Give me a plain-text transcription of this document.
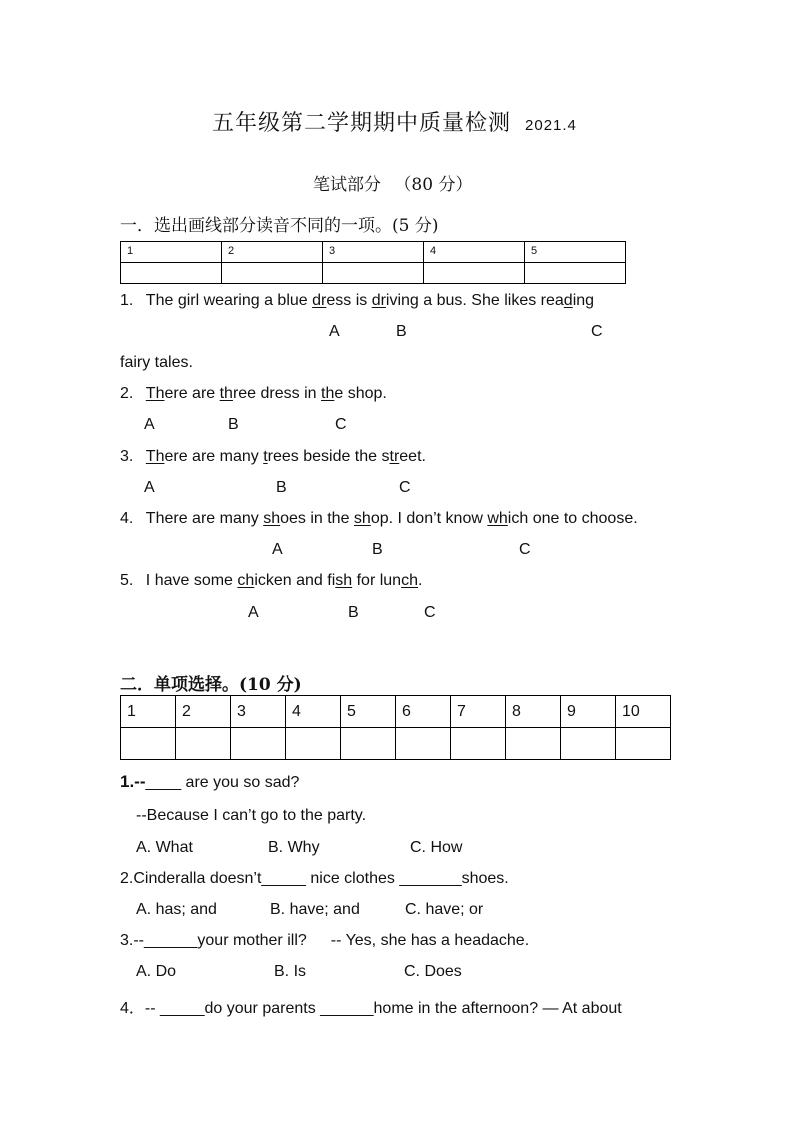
五年级第二学期期中质量检测 2021.4
笔试部分 （80 分）
一．选出画线部分读音不同的一项。(5 分)
1	2	3	4	5

1. The girl wearing a blue dress is driving a bus. She likes reading
A	B	C
fairy tales.
2. There are three dress in the shop.
A	B	C
3. There are many trees beside the street.
A	B	C
4. There are many shoes in the shop. I don’t know which one to choose.
A	B	C
5. I have some chicken and fish for lunch.
A	B	C
二．单项选择。(10 分)
1	2	3	4	5	6	7	8	9	10

1.--____ are you so sad?
--Because I can’t go to the party.
A. What	B. Why	C. How
2.Cinderalla doesn’t_____ nice clothes _______shoes.
A. has; and	B. have; and	C. have; or
3.--______your mother ill? -- Yes, she has a headache.
A. Do	B. Is	C. Does
4．-- _____do your parents ______home in the afternoon? — At about
